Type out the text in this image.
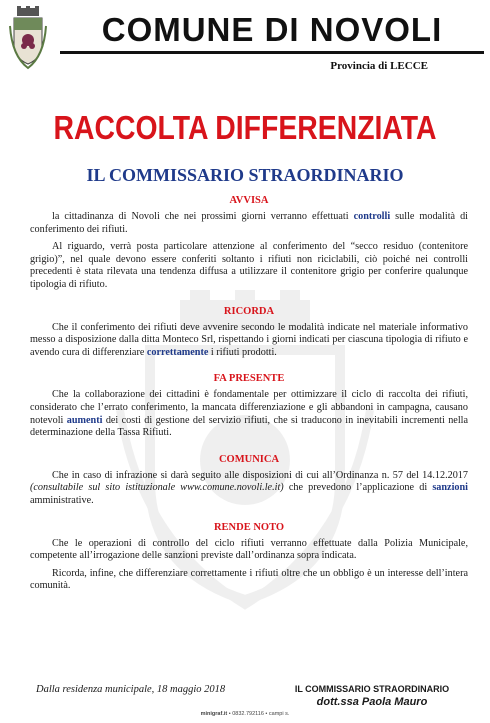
COMUNE DI NOVOLI
Provincia di LECCE
RACCOLTA DIFFERENZIATA
IL COMMISSARIO STRAORDINARIO
AVVISA

la cittadinanza di Novoli che nei prossimi giorni verranno effettuati controlli sulle modalità di conferimento dei rifiuti.

Al riguardo, verrà posta particolare attenzione al conferimento del “secco residuo (contenitore grigio)”, nel quale devono essere conferiti soltanto i rifiuti non riciclabili, ciò poiché nei controlli precedenti è stata rilevata una tendenza diffusa a utilizzare il contenitore grigio per conferire qualunque tipologia di rifiuto.

RICORDA

Che il conferimento dei rifiuti deve avvenire secondo le modalità indicate nel materiale informativo messo a disposizione dalla ditta Monteco Srl, rispettando i giorni indicati per ciascuna tipologia di rifiuto e avendo cura di differenziare correttamente i rifiuti prodotti.

FA PRESENTE

Che la collaborazione dei cittadini è fondamentale per ottimizzare il ciclo di raccolta dei rifiuti, considerato che l’errato conferimento, la mancata differenziazione e gli abbandoni in campagna, causano notevoli aumenti dei costi di gestione del servizio rifiuti, che si traducono in inevitabili incrementi nella determinazione della Tassa Rifiuti.

COMUNICA

Che in caso di infrazione si darà seguito alle disposizioni di cui all’Ordinanza n. 57 del 14.12.2017 (consultabile sul sito istituzionale www.comune.novoli.le.it) che prevedono l’applicazione di sanzioni amministrative.

RENDE NOTO

Che le operazioni di controllo del ciclo rifiuti verranno effettuate dalla Polizia Municipale, competente all’irrogazione delle sanzioni previste dall’ordinanza sopra indicata.

Ricorda, infine, che differenziare correttamente i rifiuti oltre che un obbligo è un interesse dell’intera comunità.

Dalla residenza municipale, 18 maggio 2018	IL COMMISSARIO STRAORDINARIO
dott.ssa Paola Mauro
minigraf.it • 0832.792116 • campi s.
